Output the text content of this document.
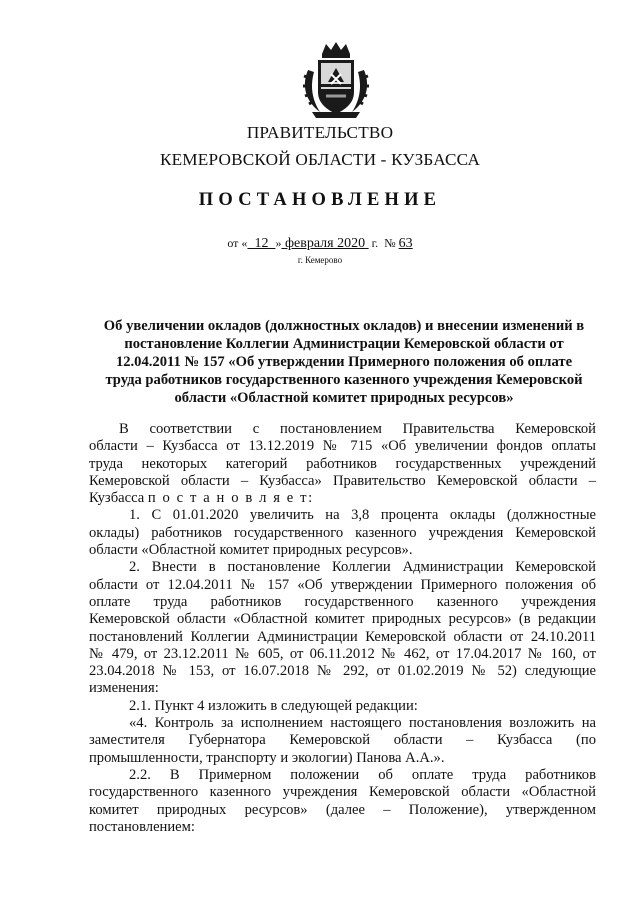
ПРАВИТЕЛЬСТВО
КЕМЕРОВСКОЙ ОБЛАСТИ - КУЗБАССА
ПОСТАНОВЛЕНИЕ
от « 12 » февраля 2020 г. № 63
г. Кемерово
Об увеличении окладов (должностных окладов) и внесении изменений в
постановление Коллегии Администрации Кемеровской области от
12.04.2011 № 157 «Об утверждении Примерного положения об оплате
труда работников государственного казенного учреждения Кемеровской
области «Областной комитет природных ресурсов»
В соответствии с постановлением Правительства Кемеровской
области – Кузбасса от 13.12.2019 № 715 «Об увеличении фондов оплаты
труда некоторых категорий работников государственных учреждений
Кемеровской области – Кузбасса» Правительство Кемеровской области –
Кузбасса п о с т а н о в л я е т:
1. С 01.01.2020 увеличить на 3,8 процента оклады (должностные
оклады) работников государственного казенного учреждения Кемеровской
области «Областной комитет природных ресурсов».
2. Внести в постановление Коллегии Администрации Кемеровской
области от 12.04.2011 № 157 «Об утверждении Примерного положения об
оплате труда работников государственного казенного учреждения
Кемеровской области «Областной комитет природных ресурсов» (в редакции
постановлений Коллегии Администрации Кемеровской области от 24.10.2011
№ 479, от 23.12.2011 № 605, от 06.11.2012 № 462, от 17.04.2017 № 160, от
23.04.2018 № 153, от 16.07.2018 № 292, от 01.02.2019 № 52) следующие
изменения:
2.1. Пункт 4 изложить в следующей редакции:
«4. Контроль за исполнением настоящего постановления возложить на
заместителя Губернатора Кемеровской области – Кузбасса (по
промышленности, транспорту и экологии) Панова А.А.».
2.2. В Примерном положении об оплате труда работников
государственного казенного учреждения Кемеровской области «Областной
комитет природных ресурсов» (далее – Положение), утвержденном
постановлением:
